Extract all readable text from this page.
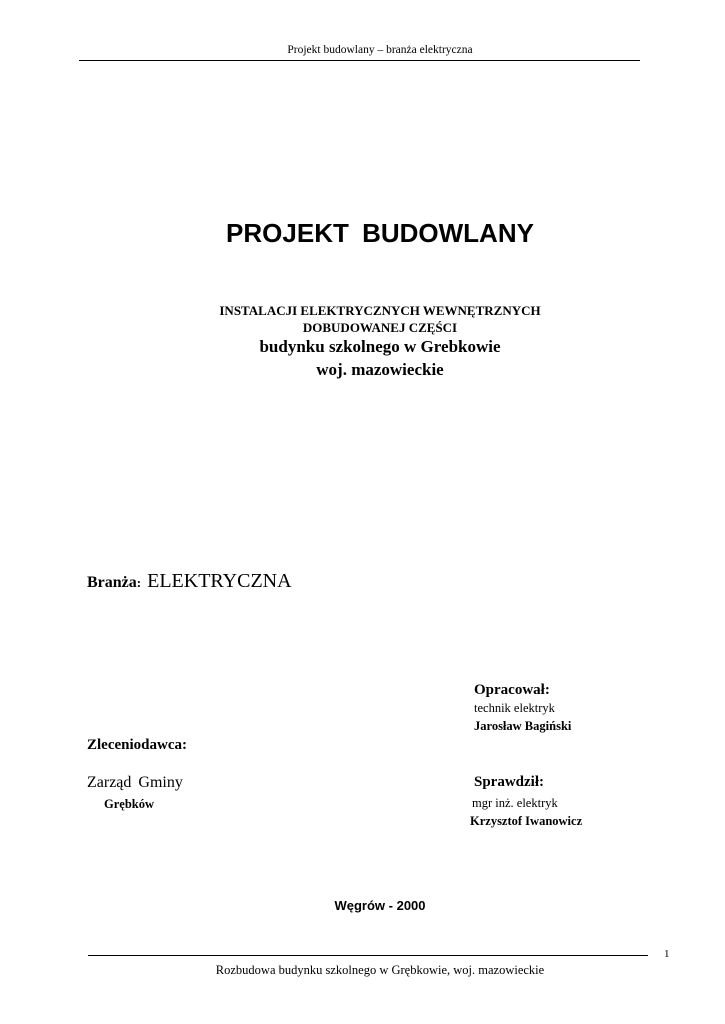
Projekt budowlany – branża elektryczna
PROJEKT BUDOWLANY
INSTALACJI ELEKTRYCZNYCH WEWNĘTRZNYCH
DOBUDOWANEJ CZĘŚCI
budynku szkolnego w Grebkowie
woj. mazowieckie
Branża: ELEKTRYCZNA
Opracował:
technik elektryk
Jarosław Bagiński
Zleceniodawca:
Zarząd Gminy
Grębków
Sprawdził:
mgr inż. elektryk
Krzysztof Iwanowicz
Węgrów - 2000
1
Rozbudowa budynku szkolnego w Grębkowie, woj. mazowieckie
